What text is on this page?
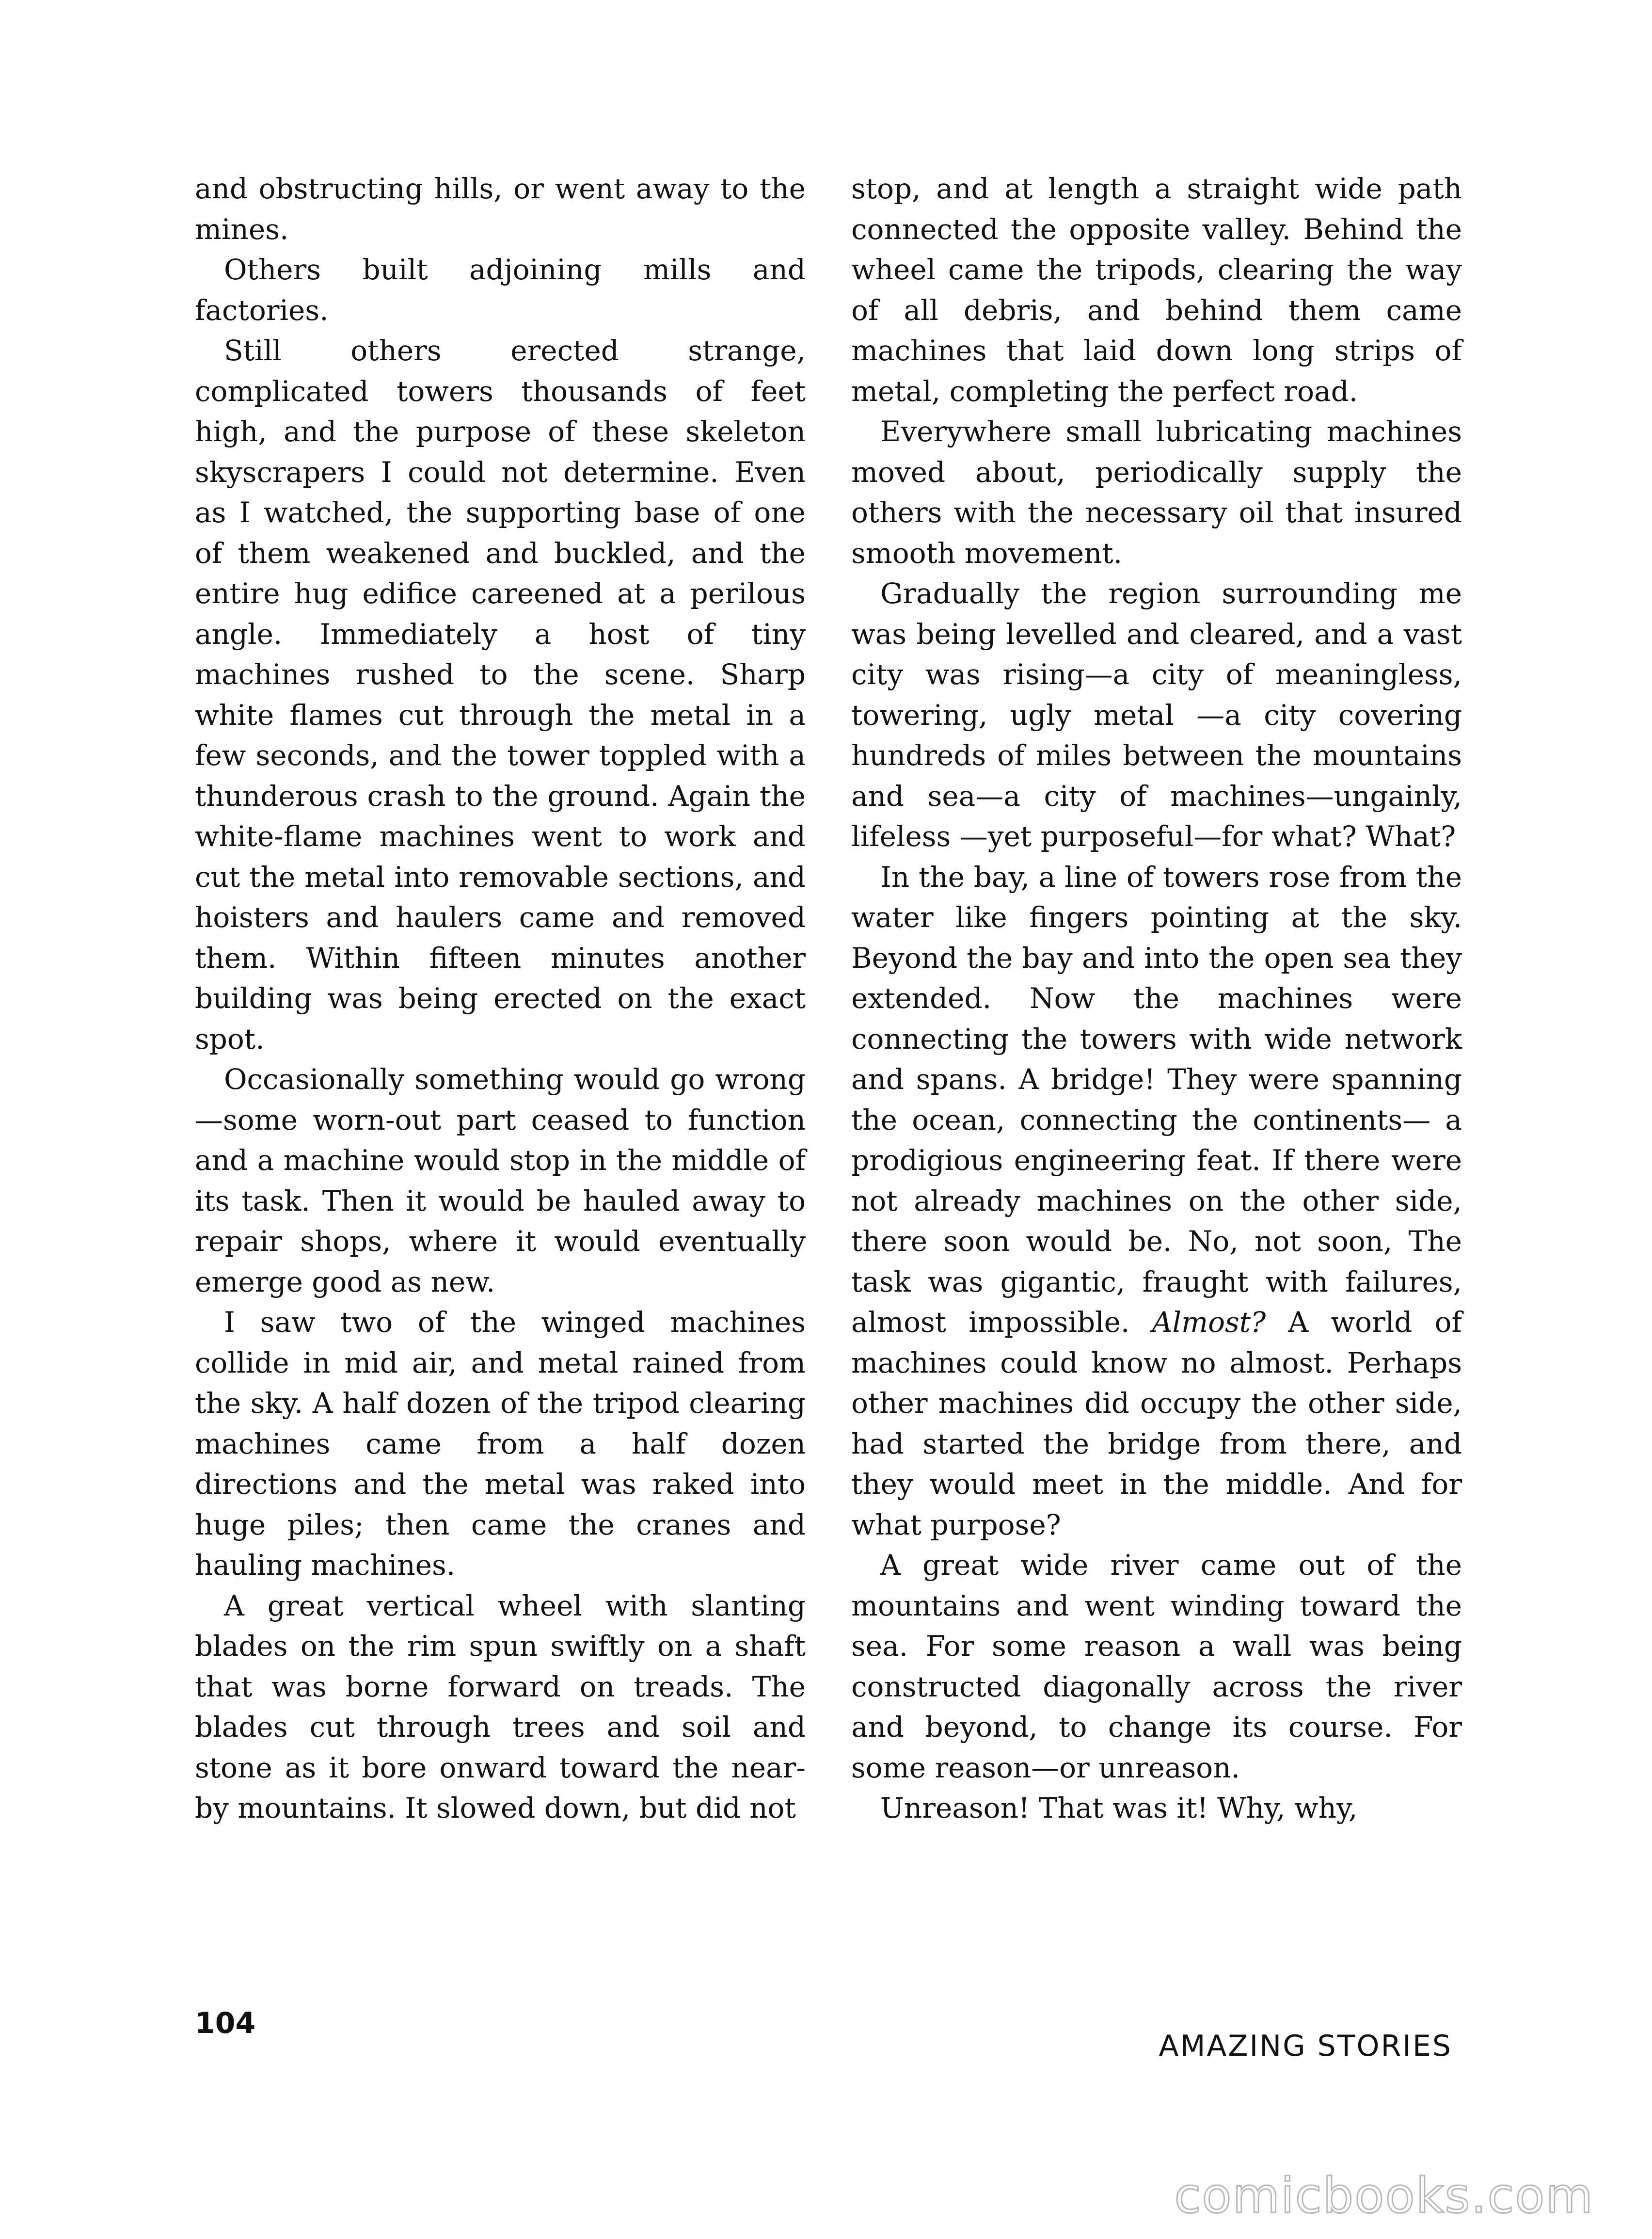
and obstructing hills, or went away to the mines.

Others built adjoining mills and factories.

Still others erected strange, complicated towers thousands of feet high, and the purpose of these skeleton skyscrapers I could not determine. Even as I watched, the supporting base of one of them weakened and buckled, and the entire hug edifice careened at a perilous angle. Immediately a host of tiny machines rushed to the scene. Sharp white flames cut through the metal in a few seconds, and the tower toppled with a thunderous crash to the ground. Again the white-flame machines went to work and cut the metal into removable sections, and hoisters and haulers came and removed them. Within fifteen minutes another building was being erected on the exact spot.

Occasionally something would go wrong—some worn-out part ceased to function and a machine would stop in the middle of its task. Then it would be hauled away to repair shops, where it would eventually emerge good as new.

I saw two of the winged machines collide in mid air, and metal rained from the sky. A half dozen of the tripod clearing machines came from a half dozen directions and the metal was raked into huge piles; then came the cranes and hauling machines.

A great vertical wheel with slanting blades on the rim spun swiftly on a shaft that was borne forward on treads. The blades cut through trees and soil and stone as it bore onward toward the near-by mountains. It slowed down, but did not

stop, and at length a straight wide path connected the opposite valley. Behind the wheel came the tripods, clearing the way of all debris, and behind them came machines that laid down long strips of metal, completing the perfect road.

Everywhere small lubricating machines moved about, periodically supply the others with the necessary oil that insured smooth movement.

Gradually the region surrounding me was being levelled and cleared, and a vast city was rising—a city of meaningless, towering, ugly metal —a city covering hundreds of miles between the mountains and sea—a city of machines—ungainly, lifeless —yet purposeful—for what? What?

In the bay, a line of towers rose from the water like fingers pointing at the sky. Beyond the bay and into the open sea they extended. Now the machines were connecting the towers with wide network and spans. A bridge! They were spanning the ocean, connecting the continents— a prodigious engineering feat. If there were not already machines on the other side, there soon would be. No, not soon, The task was gigantic, fraught with failures, almost impossible. Almost? A world of machines could know no almost. Perhaps other machines did occupy the other side, had started the bridge from there, and they would meet in the middle. And for what purpose?

A great wide river came out of the mountains and went winding toward the sea. For some reason a wall was being constructed diagonally across the river and beyond, to change its course. For some reason—or unreason.

Unreason! That was it! Why, why,

104

AMAZING STORIES

comicbooks.com
